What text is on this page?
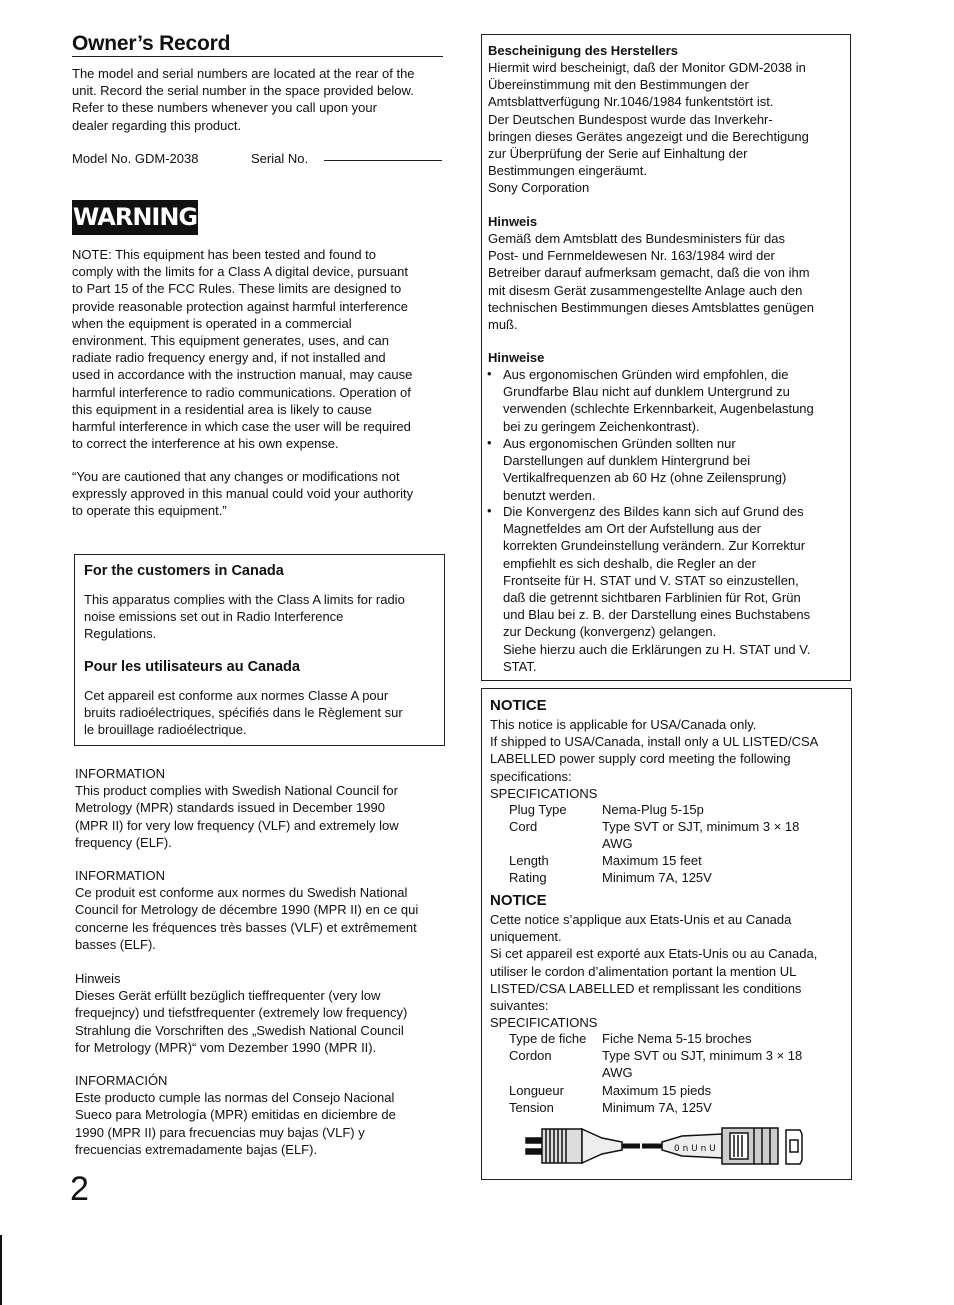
Owner’s Record
The model and serial numbers are located at the rear of the
unit. Record the serial number in the space provided below.
Refer to these numbers whenever you call upon your
dealer regarding this product.
Model No. GDM-2038	Serial No.
WARNING
NOTE: This equipment has been tested and found to
comply with the limits for a Class A digital device, pursuant
to Part 15 of the FCC Rules. These limits are designed to
provide reasonable protection against harmful interference
when the equipment is operated in a commercial
environment. This equipment generates, uses, and can
radiate radio frequency energy and, if not installed and
used in accordance with the instruction manual, may cause
harmful interference to radio communications. Operation of
this equipment in a residential area is likely to cause
harmful interference in which case the user will be required
to correct the interference at his own expense.
“You are cautioned that any changes or modifications not
expressly approved in this manual could void your authority
to operate this equipment.”
For the customers in Canada
This apparatus complies with the Class A limits for radio
noise emissions set out in Radio Interference
Regulations.
Pour les utilisateurs au Canada
Cet appareil est conforme aux normes Classe A pour
bruits radioélectriques, spécifiés dans le Règlement sur
le brouillage radioélectrique.
INFORMATION
This product complies with Swedish National Council for
Metrology (MPR) standards issued in December 1990
(MPR II) for very low frequency (VLF) and extremely low
frequency (ELF).
INFORMATION
Ce produit est conforme aux normes du Swedish National
Council for Metrology de décembre 1990 (MPR II) en ce qui
concerne les fréquences très basses (VLF) et extrêmement
basses (ELF).
Hinweis
Dieses Gerät erfüllt bezüglich tieffrequenter (very low
frequejncy) und tiefstfrequenter (extremely low frequency)
Strahlung die Vorschriften des „Swedish National Council
for Metrology (MPR)“ vom Dezember 1990 (MPR II).
INFORMACIÓN
Este producto cumple las normas del Consejo Nacional
Sueco para Metrología (MPR) emitidas en diciembre de
1990 (MPR II) para frecuencias muy bajas (VLF) y
frecuencias extremadamente bajas (ELF).
2
Bescheinigung des Herstellers
Hiermit wird bescheinigt, daß der Monitor GDM-2038 in
Übereinstimmung mit den Bestimmungen der
Amtsblattverfügung Nr.1046/1984 funkentstört ist.
Der Deutschen Bundespost wurde das Inverkehr-
bringen dieses Gerätes angezeigt und die Berechtigung
zur Überprüfung der Serie auf Einhaltung der
Bestimmungen eingeräumt.
Sony Corporation
Hinweis
Gemäß dem Amtsblatt des Bundesministers für das
Post- und Fernmeldewesen Nr. 163/1984 wird der
Betreiber darauf aufmerksam gemacht, daß die von ihm
mit disesm Gerät zusammengestellte Anlage auch den
technischen Bestimmungen dieses Amtsblattes genügen
muß.
Hinweise
• Aus ergonomischen Gründen wird empfohlen, die
Grundfarbe Blau nicht auf dunklem Untergrund zu
verwenden (schlechte Erkennbarkeit, Augenbelastung
bei zu geringem Zeichenkontrast).
• Aus ergonomischen Gründen sollten nur
Darstellungen auf dunklem Hintergrund bei
Vertikalfrequenzen ab 60 Hz (ohne Zeilensprung)
benutzt werden.
• Die Konvergenz des Bildes kann sich auf Grund des
Magnetfeldes am Ort der Aufstellung aus der
korrekten Grundeinstellung verändern. Zur Korrektur
empfiehlt es sich deshalb, die Regler an der
Frontseite für H. STAT und V. STAT so einzustellen,
daß die getrennt sichtbaren Farblinien für Rot, Grün
und Blau bei z. B. der Darstellung eines Buchstabens
zur Deckung (konvergenz) gelangen.
Siehe hierzu auch die Erklärungen zu H. STAT und V.
STAT.
NOTICE
This notice is applicable for USA/Canada only.
If shipped to USA/Canada, install only a UL LISTED/CSA
LABELLED power supply cord meeting the following
specifications:
SPECIFICATIONS
Plug Type	Nema-Plug 5-15p
Cord	Type SVT or SJT, minimum 3 × 18
AWG
Length	Maximum 15 feet
Rating	Minimum 7A, 125V
NOTICE
Cette notice s’applique aux Etats-Unis et au Canada
uniquement.
Si cet appareil est exporté aux Etats-Unis ou au Canada,
utiliser le cordon d’alimentation portant la mention UL
LISTED/CSA LABELLED et remplissant les conditions
suivantes:
SPECIFICATIONS
Type de fiche Fiche Nema 5-15 broches
Cordon	Type SVT ou SJT, minimum 3 × 18
AWG
Longueur	Maximum 15 pieds
Tension	Minimum 7A, 125V
0 n U n U
